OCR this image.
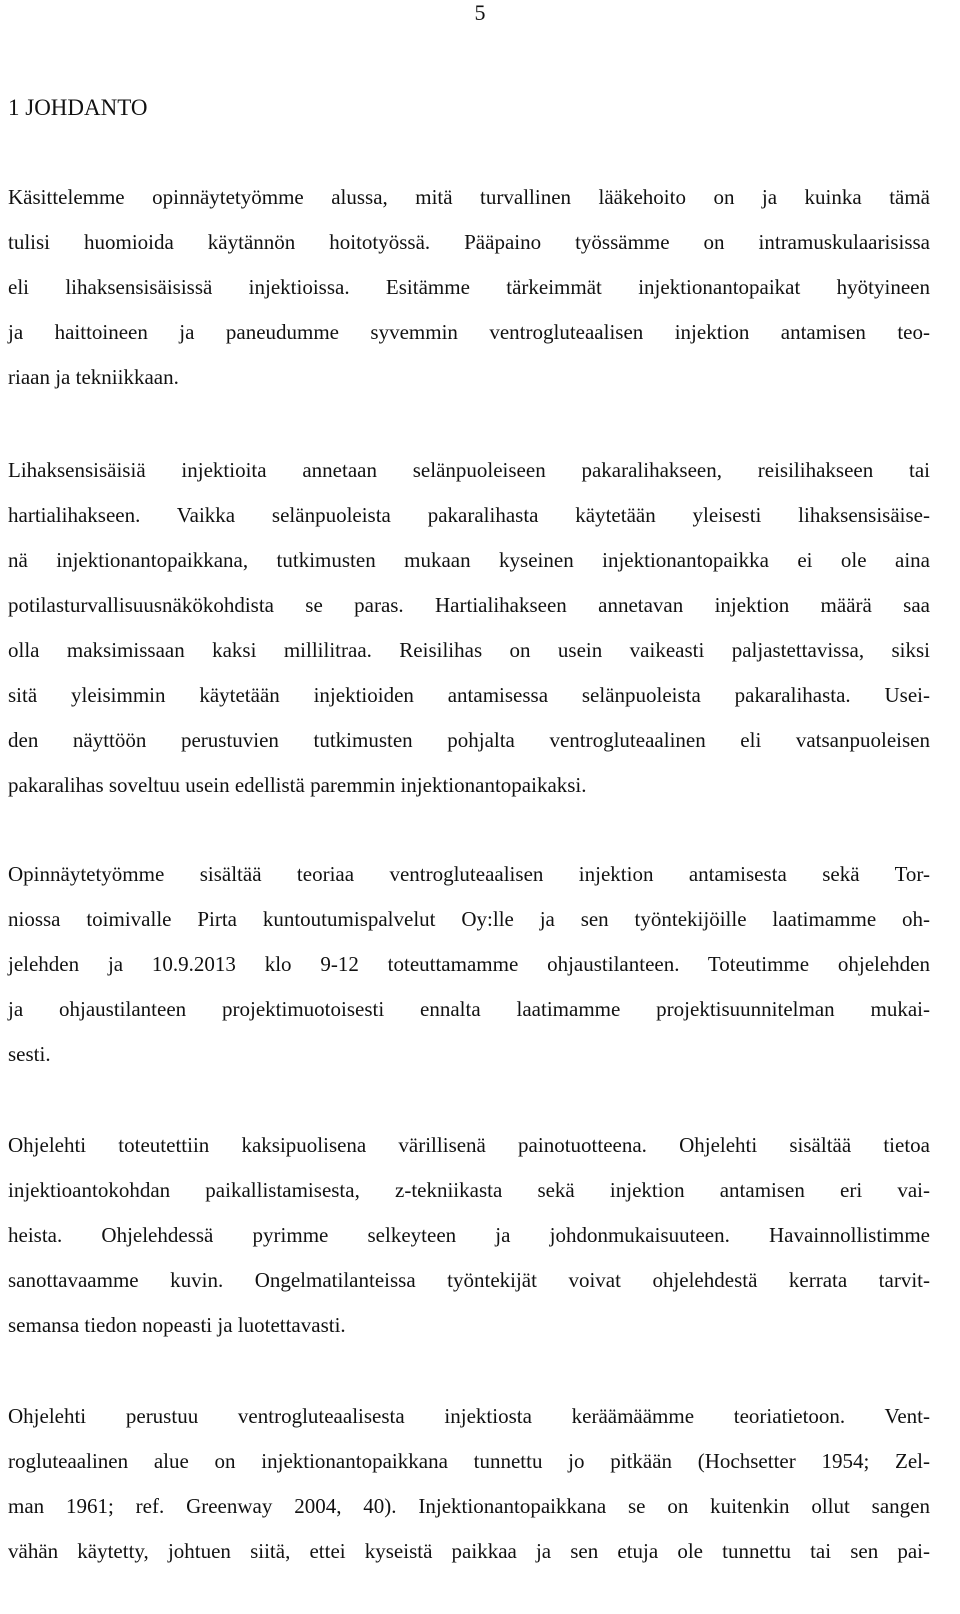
5
1 JOHDANTO
Käsittelemme opinnäytetyömme alussa, mitä turvallinen lääkehoito on ja kuinka tämä
tulisi huomioida käytännön hoitotyössä. Pääpaino työssämme on intramuskulaarisissa
eli lihaksensisäisissä injektioissa. Esitämme tärkeimmät injektionantopaikat hyötyineen
ja haittoineen ja paneudumme syvemmin ventrogluteaalisen injektion antamisen teo-
riaan ja tekniikkaan.
Lihaksensisäisiä injektioita annetaan selänpuoleiseen pakaralihakseen, reisilihakseen tai
hartialihakseen. Vaikka selänpuoleista pakaralihasta käytetään yleisesti lihaksensisäise-
nä injektionantopaikkana, tutkimusten mukaan kyseinen injektionantopaikka ei ole aina
potilasturvallisuusnäkökohdista se paras. Hartialihakseen annetavan injektion määrä saa
olla maksimissaan kaksi millilitraa. Reisilihas on usein vaikeasti paljastettavissa, siksi
sitä yleisimmin käytetään injektioiden antamisessa selänpuoleista pakaralihasta. Usei-
den näyttöön perustuvien tutkimusten pohjalta ventrogluteaalinen eli vatsanpuoleisen
pakaralihas soveltuu usein edellistä paremmin injektionantopaikaksi.
Opinnäytetyömme sisältää teoriaa ventrogluteaalisen injektion antamisesta sekä Tor-
niossa toimivalle Pirta kuntoutumispalvelut Oy:lle ja sen työntekijöille laatimamme oh-
jelehden ja 10.9.2013 klo 9-12 toteuttamamme ohjaustilanteen. Toteutimme ohjelehden
ja ohjaustilanteen projektimuotoisesti ennalta laatimamme projektisuunnitelman mukai-
sesti.
Ohjelehti toteutettiin kaksipuolisena värillisenä painotuotteena. Ohjelehti sisältää tietoa
injektioantokohdan paikallistamisesta, z-tekniikasta sekä injektion antamisen eri vai-
heista. Ohjelehdessä pyrimme selkeyteen ja johdonmukaisuuteen. Havainnollistimme
sanottavaamme kuvin. Ongelmatilanteissa työntekijät voivat ohjelehdestä kerrata tarvit-
semansa tiedon nopeasti ja luotettavasti.
Ohjelehti perustuu ventrogluteaalisesta injektiosta keräämäämme teoriatietoon. Vent-
rogluteaalinen alue on injektionantopaikkana tunnettu jo pitkään (Hochsetter 1954; Zel-
man 1961; ref. Greenway 2004, 40). Injektionantopaikkana se on kuitenkin ollut sangen
vähän käytetty, johtuen siitä, ettei kyseistä paikkaa ja sen etuja ole tunnettu tai sen pai-
